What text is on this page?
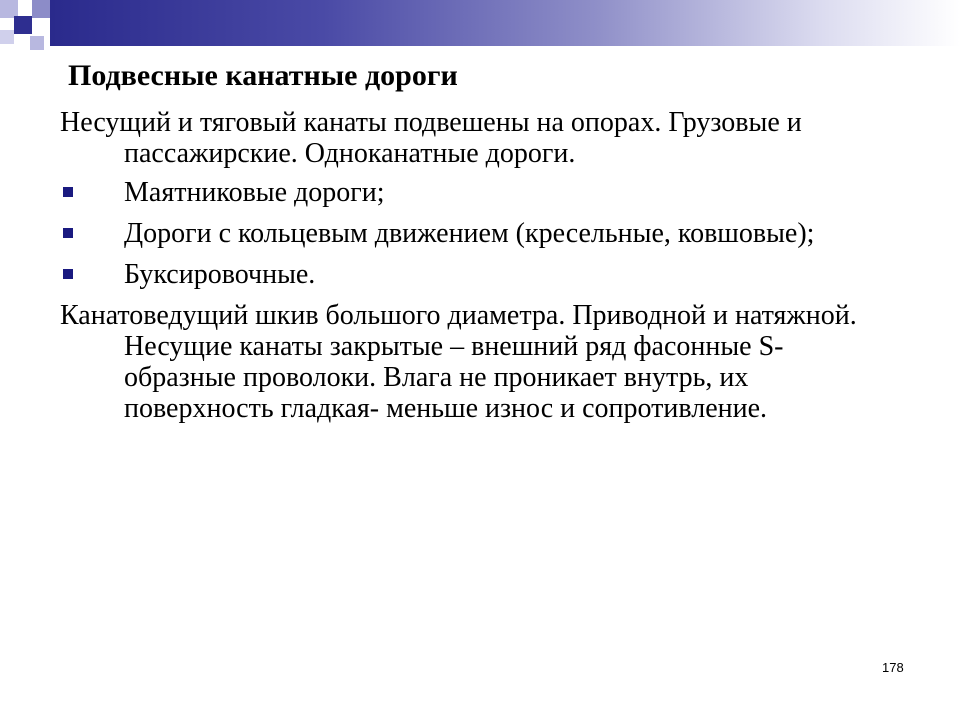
Подвесные канатные дороги

Несущий и тяговый канаты подвешены на опорах. Грузовые и пассажирские. Одноканатные дороги.

Маятниковые дороги;
Дороги с кольцевым движением (кресельные, ковшовые);
Буксировочные.

Канатоведущий шкив большого диаметра. Приводной и натяжной. Несущие канаты закрытые – внешний ряд фасонные S- образные проволоки. Влага не проникает внутрь, их поверхность гладкая- меньше износ и сопротивление.

178
